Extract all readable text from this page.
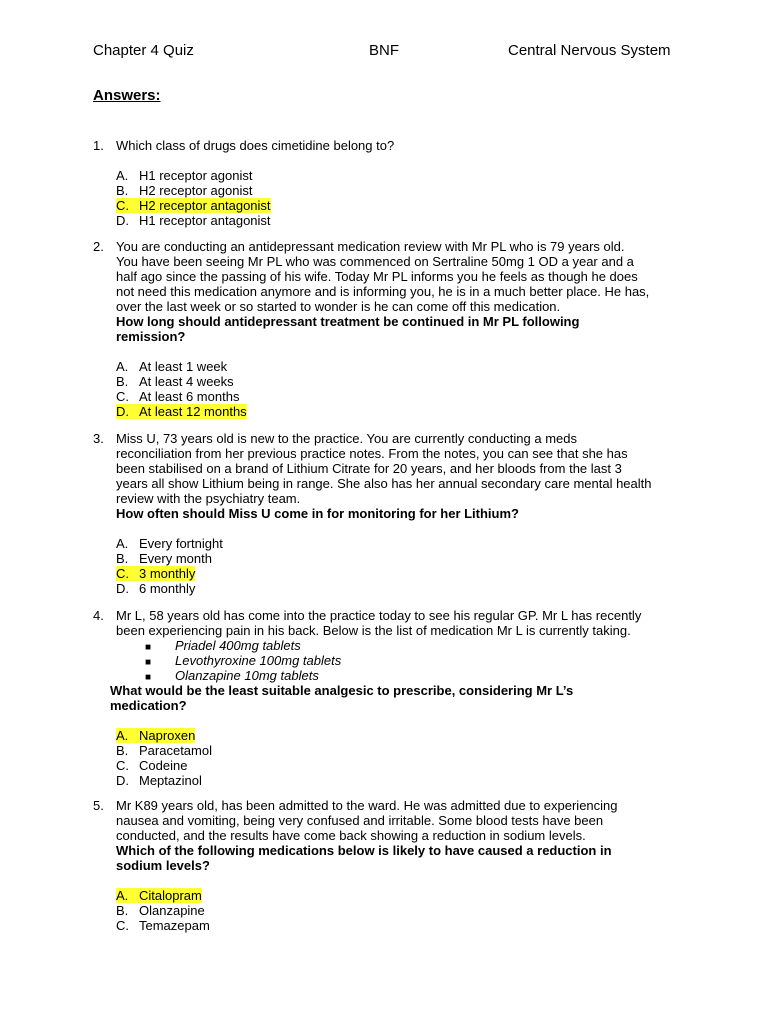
Chapter 4 Quiz	BNF	Central Nervous System
Answers:
1. Which class of drugs does cimetidine belong to?
A. H1 receptor agonist
B. H2 receptor agonist
C. H2 receptor antagonist
D. H1 receptor antagonist
2. You are conducting an antidepressant medication review with Mr PL who is 79 years old.
You have been seeing Mr PL who was commenced on Sertraline 50mg 1 OD a year and a
half ago since the passing of his wife. Today Mr PL informs you he feels as though he does
not need this medication anymore and is informing you, he is in a much better place. He has,
over the last week or so started to wonder is he can come off this medication.
How long should antidepressant treatment be continued in Mr PL following
remission?
A. At least 1 week
B. At least 4 weeks
C. At least 6 months
D. At least 12 months
3. Miss U, 73 years old is new to the practice. You are currently conducting a meds
reconciliation from her previous practice notes. From the notes, you can see that she has
been stabilised on a brand of Lithium Citrate for 20 years, and her bloods from the last 3
years all show Lithium being in range. She also has her annual secondary care mental health
review with the psychiatry team.
How often should Miss U come in for monitoring for her Lithium?
A. Every fortnight
B. Every month
C. 3 monthly
D. 6 monthly
4. Mr L, 58 years old has come into the practice today to see his regular GP. Mr L has recently
been experiencing pain in his back. Below is the list of medication Mr L is currently taking.
■ Priadel 400mg tablets
■ Levothyroxine 100mg tablets
■ Olanzapine 10mg tablets
What would be the least suitable analgesic to prescribe, considering Mr L’s
medication?
A. Naproxen
B. Paracetamol
C. Codeine
D. Meptazinol
5. Mr K89 years old, has been admitted to the ward. He was admitted due to experiencing
nausea and vomiting, being very confused and irritable. Some blood tests have been
conducted, and the results have come back showing a reduction in sodium levels.
Which of the following medications below is likely to have caused a reduction in
sodium levels?
A. Citalopram
B. Olanzapine
C. Temazepam
